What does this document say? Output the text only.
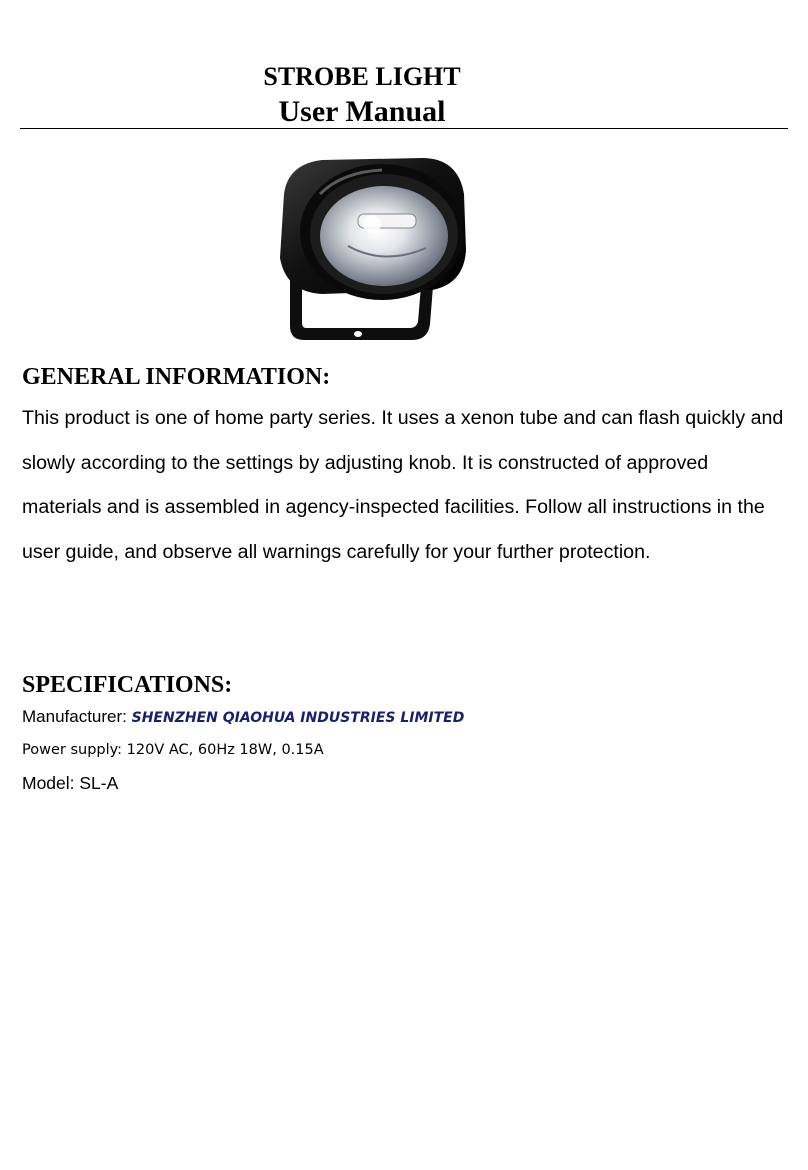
STROBE LIGHT
User Manual
GENERAL INFORMATION:

This product is one of home party series. It uses a xenon tube and can flash quickly and slowly according to the settings by adjusting knob. It is constructed of approved materials and is assembled in agency-inspected facilities. Follow all instructions in the user guide, and observe all warnings carefully for your further protection.

SPECIFICATIONS:
Manufacturer: SHENZHEN QIAOHUA INDUSTRIES LIMITED
Power supply: 120V AC, 60Hz 18W, 0.15A
Model: SL-A
